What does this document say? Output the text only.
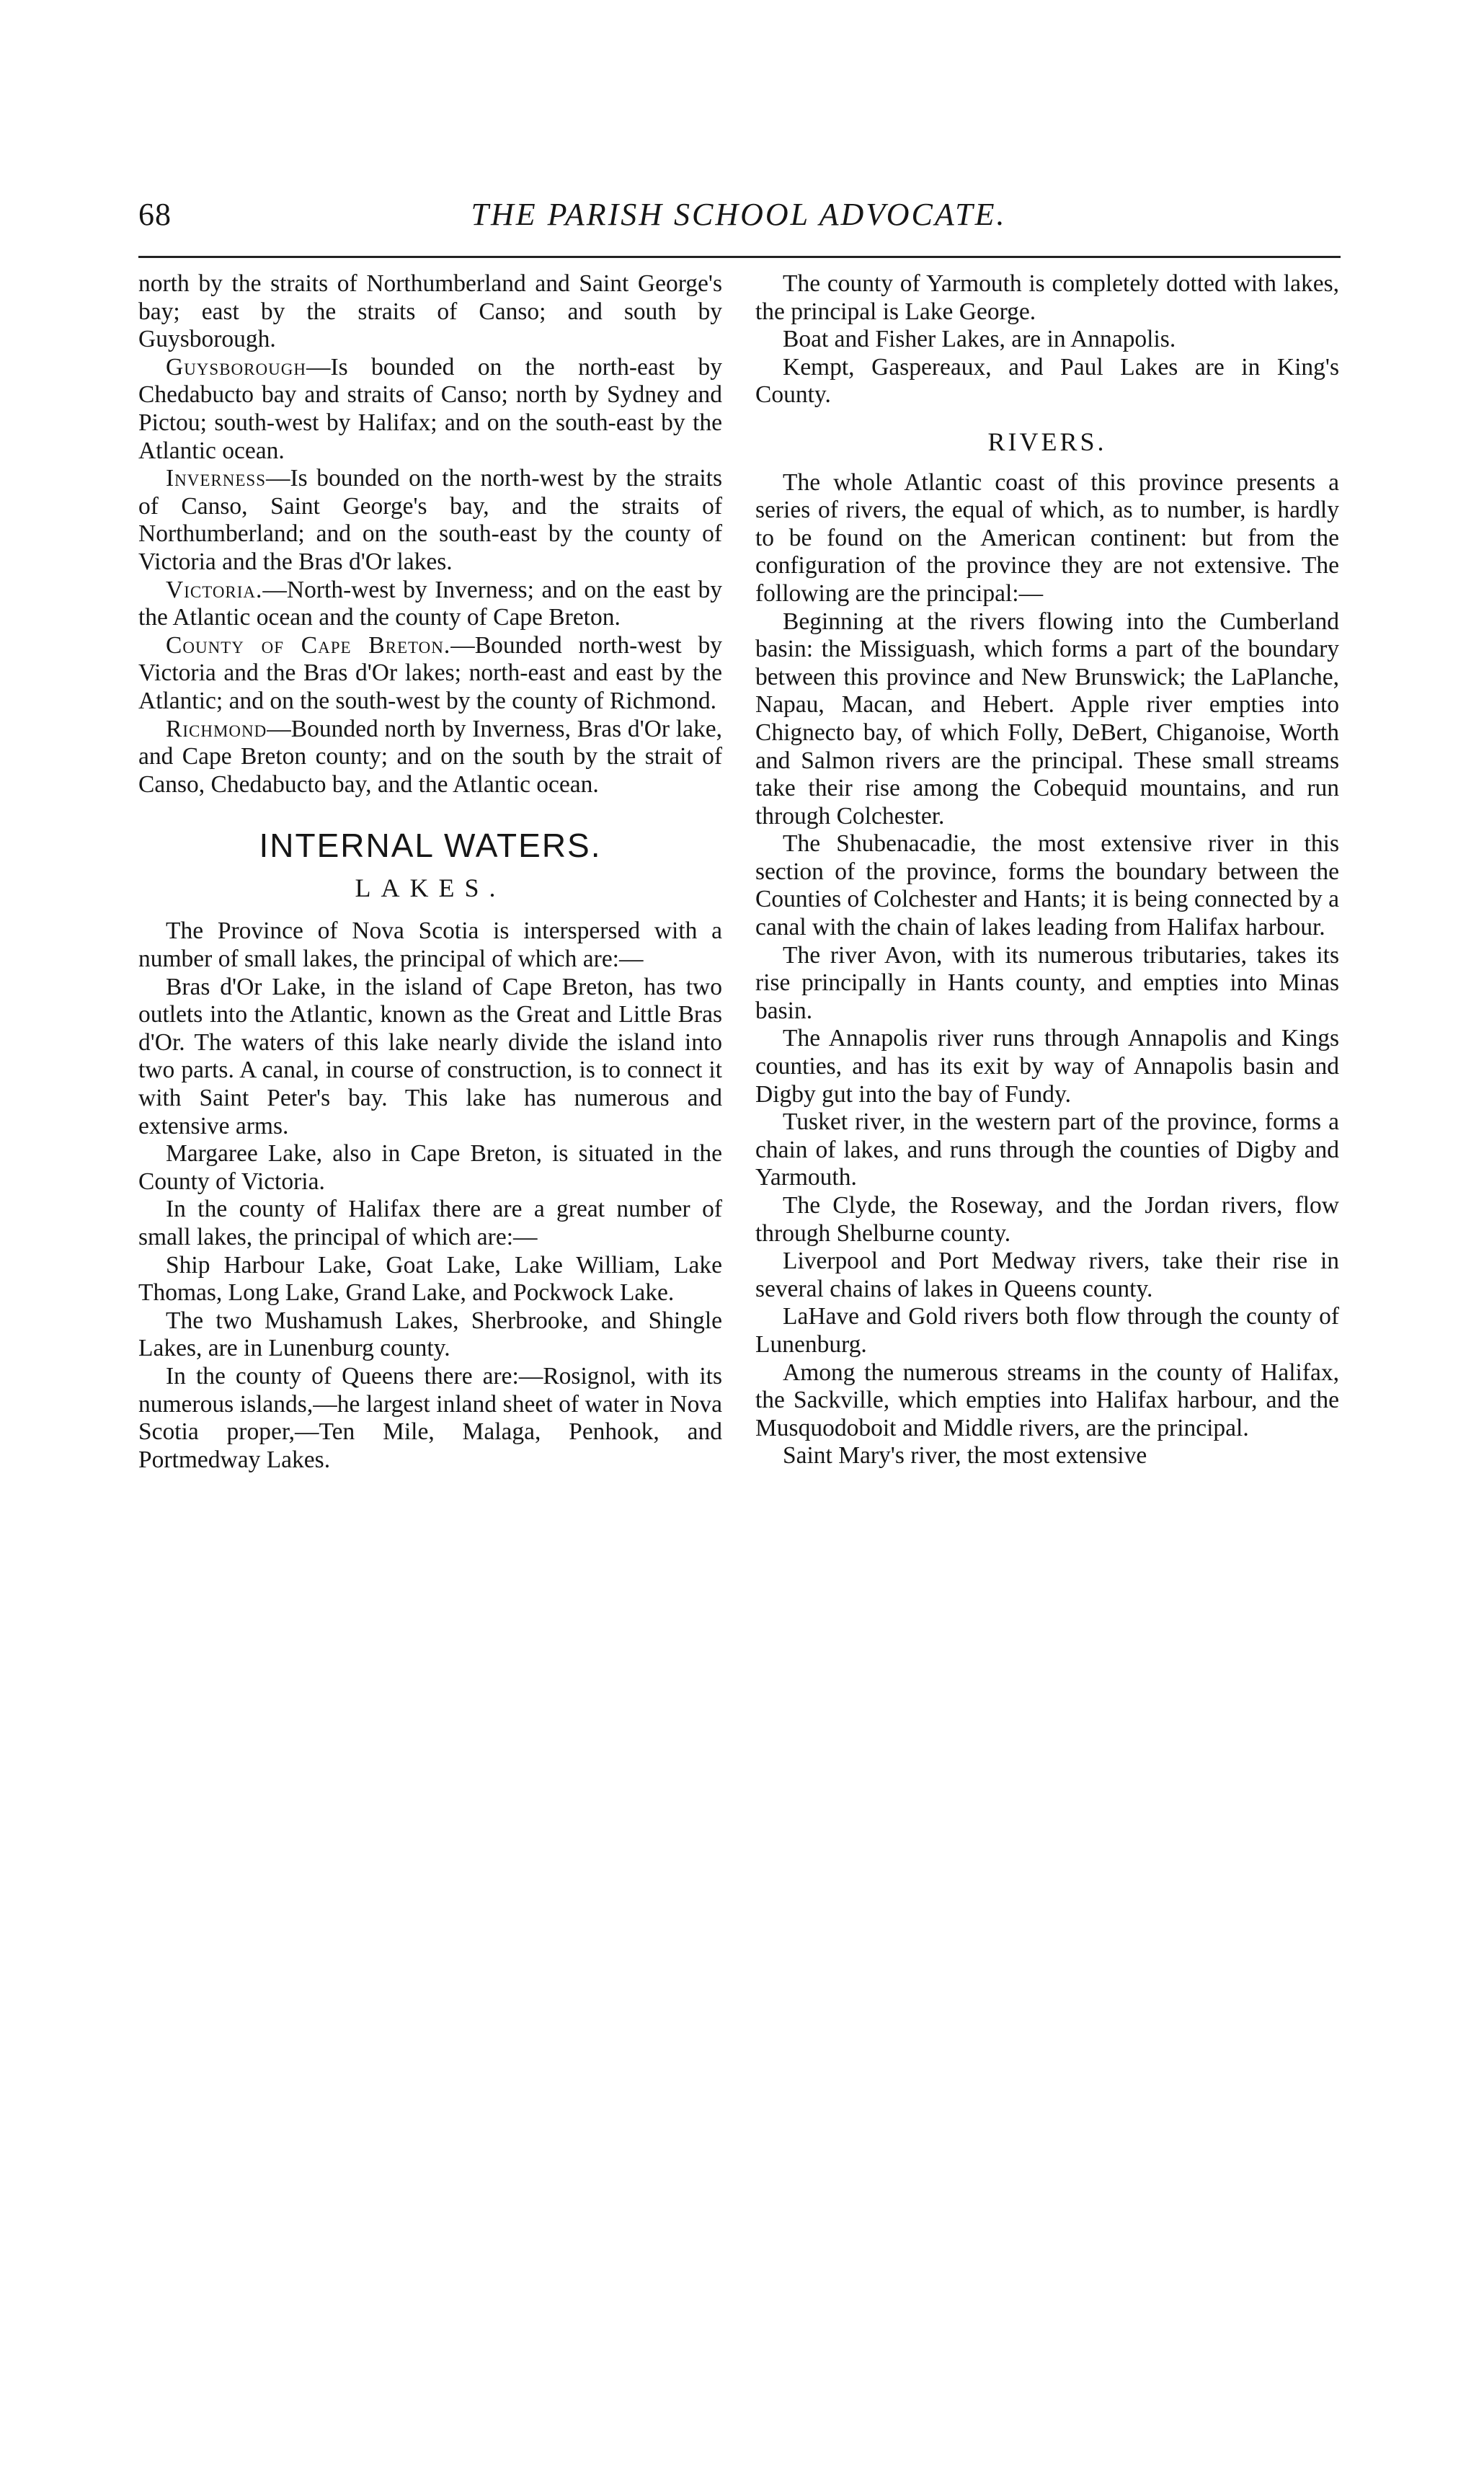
68	THE PARISH SCHOOL ADVOCATE.

north by the straits of Northumberland and Saint George's bay; east by the straits of Canso; and south by Guysborough.

Guysborough—Is bounded on the north-east by Chedabucto bay and straits of Canso; north by Sydney and Pictou; south-west by Halifax; and on the south-east by the Atlantic ocean.

Inverness—Is bounded on the north-west by the straits of Canso, Saint George's bay, and the straits of Northumberland; and on the south-east by the county of Victoria and the Bras d'Or lakes.

Victoria.—North-west by Inverness; and on the east by the Atlantic ocean and the county of Cape Breton.

County of Cape Breton.—Bounded north-west by Victoria and the Bras d'Or lakes; north-east and east by the Atlantic; and on the south-west by the county of Richmond.

Richmond—Bounded north by Inverness, Bras d'Or lake, and Cape Breton county; and on the south by the strait of Canso, Chedabucto bay, and the Atlantic ocean.

INTERNAL WATERS.
LAKES.

The Province of Nova Scotia is interspersed with a number of small lakes, the principal of which are:—

Bras d'Or Lake, in the island of Cape Breton, has two outlets into the Atlantic, known as the Great and Little Bras d'Or. The waters of this lake nearly divide the island into two parts. A canal, in course of construction, is to connect it with Saint Peter's bay. This lake has numerous and extensive arms.

Margaree Lake, also in Cape Breton, is situated in the County of Victoria.

In the county of Halifax there are a great number of small lakes, the principal of which are:—

Ship Harbour Lake, Goat Lake, Lake William, Lake Thomas, Long Lake, Grand Lake, and Pockwock Lake.

The two Mushamush Lakes, Sherbrooke, and Shingle Lakes, are in Lunenburg county.

In the county of Queens there are:—Rosignol, with its numerous islands,—he largest inland sheet of water in Nova Scotia proper,—Ten Mile, Malaga, Penhook, and Portmedway Lakes.

The county of Yarmouth is completely dotted with lakes, the principal is Lake George.

Boat and Fisher Lakes, are in Annapolis.

Kempt, Gaspereaux, and Paul Lakes are in King's County.

RIVERS.

The whole Atlantic coast of this province presents a series of rivers, the equal of which, as to number, is hardly to be found on the American continent: but from the configuration of the province they are not extensive. The following are the principal:—

Beginning at the rivers flowing into the Cumberland basin: the Missiguash, which forms a part of the boundary between this province and New Brunswick; the LaPlanche, Napau, Macan, and Hebert. Apple river empties into Chignecto bay, of which Folly, DeBert, Chiganoise, Worth and Salmon rivers are the principal. These small streams take their rise among the Cobequid mountains, and run through Colchester.

The Shubenacadie, the most extensive river in this section of the province, forms the boundary between the Counties of Colchester and Hants; it is being connected by a canal with the chain of lakes leading from Halifax harbour.

The river Avon, with its numerous tributaries, takes its rise principally in Hants county, and empties into Minas basin.

The Annapolis river runs through Annapolis and Kings counties, and has its exit by way of Annapolis basin and Digby gut into the bay of Fundy.

Tusket river, in the western part of the province, forms a chain of lakes, and runs through the counties of Digby and Yarmouth.

The Clyde, the Roseway, and the Jordan rivers, flow through Shelburne county.

Liverpool and Port Medway rivers, take their rise in several chains of lakes in Queens county.

LaHave and Gold rivers both flow through the county of Lunenburg.

Among the numerous streams in the county of Halifax, the Sackville, which empties into Halifax harbour, and the Musquodoboit and Middle rivers, are the principal.

Saint Mary's river, the most extensive
